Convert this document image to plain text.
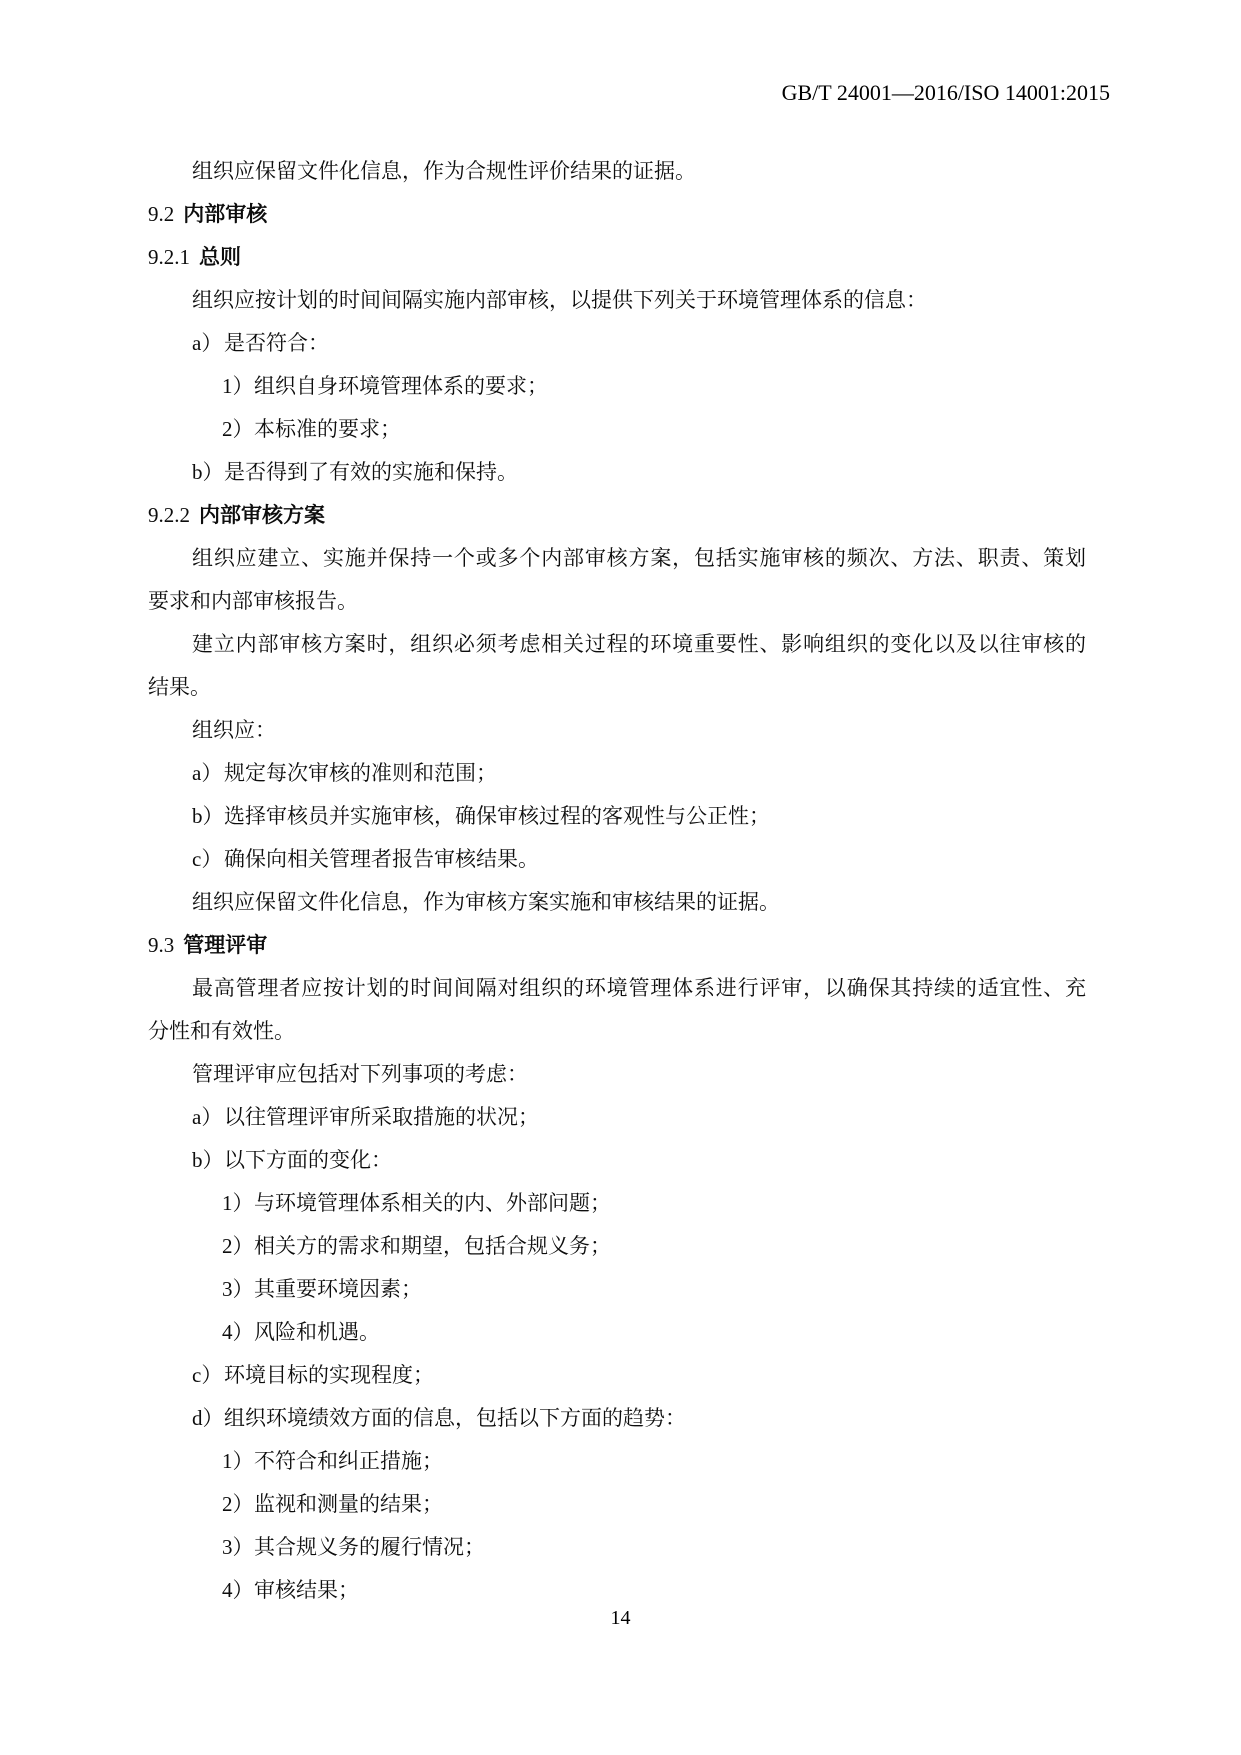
GB/T 24001—2016/ISO 14001:2015
组织应保留文件化信息，作为合规性评价结果的证据。
9.2 内部审核
9.2.1 总则
组织应按计划的时间间隔实施内部审核，以提供下列关于环境管理体系的信息：
a）是否符合：
1）组织自身环境管理体系的要求；
2）本标准的要求；
b）是否得到了有效的实施和保持。
9.2.2 内部审核方案
组织应建立、实施并保持一个或多个内部审核方案，包括实施审核的频次、方法、职责、策划
要求和内部审核报告。
建立内部审核方案时，组织必须考虑相关过程的环境重要性、影响组织的变化以及以往审核的
结果。
组织应：
a）规定每次审核的准则和范围；
b）选择审核员并实施审核，确保审核过程的客观性与公正性；
c）确保向相关管理者报告审核结果。
组织应保留文件化信息，作为审核方案实施和审核结果的证据。
9.3 管理评审
最高管理者应按计划的时间间隔对组织的环境管理体系进行评审，以确保其持续的适宜性、充
分性和有效性。
管理评审应包括对下列事项的考虑：
a）以往管理评审所采取措施的状况；
b）以下方面的变化：
1）与环境管理体系相关的内、外部问题；
2）相关方的需求和期望，包括合规义务；
3）其重要环境因素；
4）风险和机遇。
c）环境目标的实现程度；
d）组织环境绩效方面的信息，包括以下方面的趋势：
1）不符合和纠正措施；
2）监视和测量的结果；
3）其合规义务的履行情况；
4）审核结果；
14
